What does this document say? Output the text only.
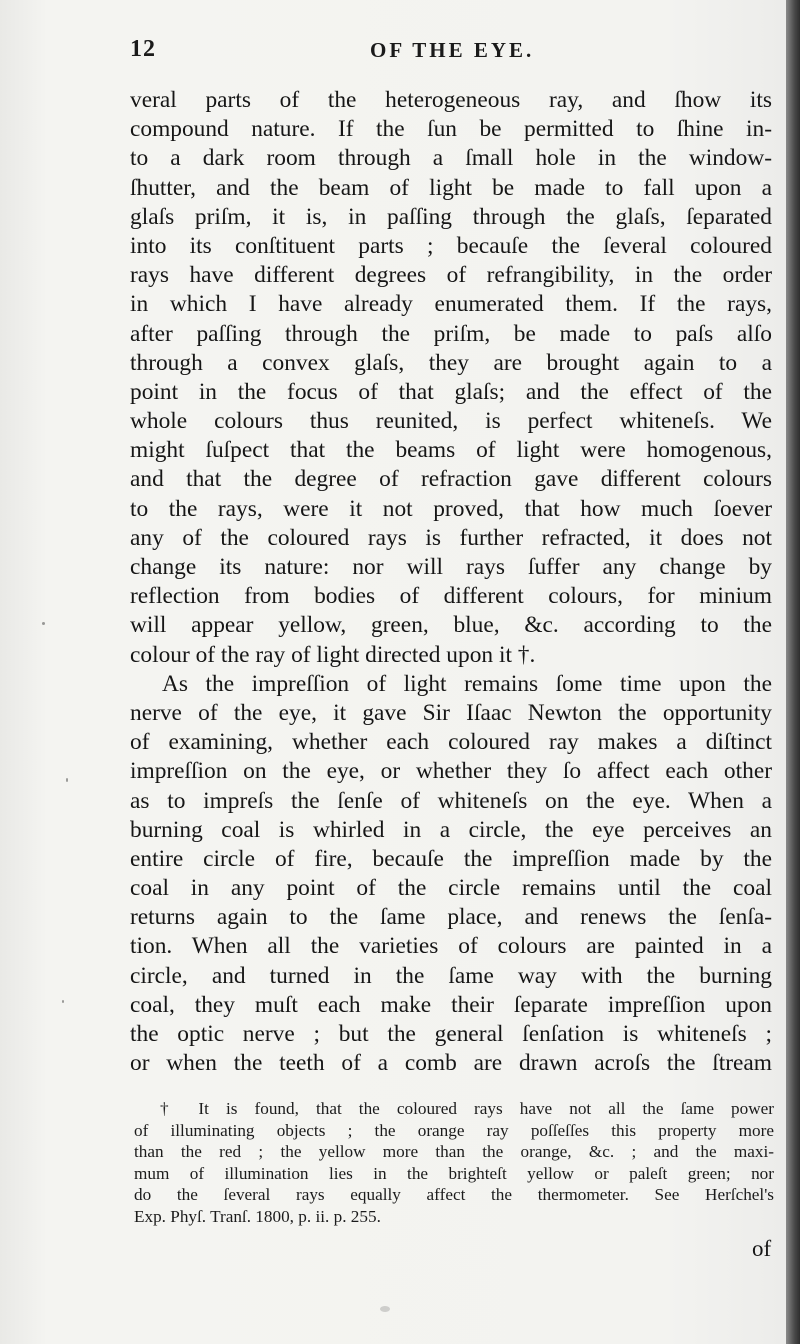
12	OF THE EYE.
veral parts of the heterogeneous ray, and ſhow its
compound nature. If the ſun be permitted to ſhine in-
to a dark room through a ſmall hole in the window-
ſhutter, and the beam of light be made to fall upon a
glaſs priſm, it is, in paſſing through the glaſs, ſeparated
into its conſtituent parts ; becauſe the ſeveral coloured
rays have different degrees of refrangibility, in the order
in which I have already enumerated them. If the rays,
after paſſing through the priſm, be made to paſs alſo
through a convex glaſs, they are brought again to a
point in the focus of that glaſs; and the effect of the
whole colours thus reunited, is perfect whiteneſs. We
might ſuſpect that the beams of light were homogenous,
and that the degree of refraction gave different colours
to the rays, were it not proved, that how much ſoever
any of the coloured rays is further refracted, it does not
change its nature: nor will rays ſuffer any change by
reflection from bodies of different colours, for minium
will appear yellow, green, blue, &c. according to the
colour of the ray of light directed upon it †.
As the impreſſion of light remains ſome time upon the
nerve of the eye, it gave Sir Iſaac Newton the opportunity
of examining, whether each coloured ray makes a diſtinct
impreſſion on the eye, or whether they ſo affect each other
as to impreſs the ſenſe of whiteneſs on the eye. When a
burning coal is whirled in a circle, the eye perceives an
entire circle of fire, becauſe the impreſſion made by the
coal in any point of the circle remains until the coal
returns again to the ſame place, and renews the ſenſa-
tion. When all the varieties of colours are painted in a
circle, and turned in the ſame way with the burning
coal, they muſt each make their ſeparate impreſſion upon
the optic nerve ; but the general ſenſation is whiteneſs ;
or when the teeth of a comb are drawn acroſs the ſtream
† It is found, that the coloured rays have not all the ſame power
of illuminating objects ; the orange ray poſſeſſes this property more
than the red ; the yellow more than the orange, &c. ; and the maxi-
mum of illumination lies in the brighteſt yellow or paleſt green; nor
do the ſeveral rays equally affect the thermometer. See Herſchel's
Exp. Phyſ. Tranſ. 1800, p. ii. p. 255.
of
